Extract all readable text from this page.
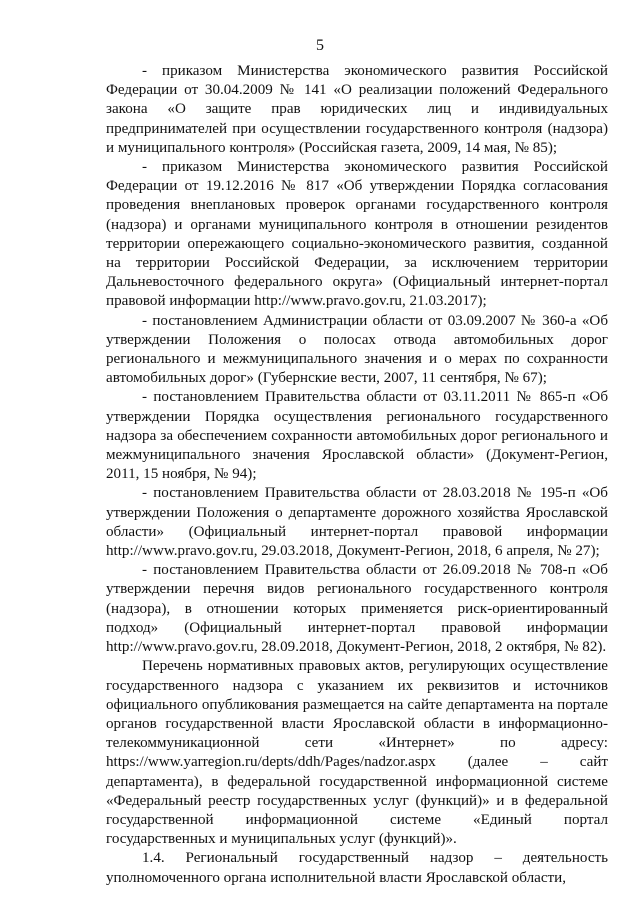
5

- приказом Министерства экономического развития Российской Федерации от 30.04.2009 № 141 «О реализации положений Федерального закона «О защите прав юридических лиц и индивидуальных предпринимателей при осуществлении государственного контроля (надзора) и муниципального контроля» (Российская газета, 2009, 14 мая, № 85);

- приказом Министерства экономического развития Российской Федерации от 19.12.2016 № 817 «Об утверждении Порядка согласования проведения внеплановых проверок органами государственного контроля (надзора) и органами муниципального контроля в отношении резидентов территории опережающего социально-экономического развития, созданной на территории Российской Федерации, за исключением территории Дальневосточного федерального округа» (Официальный интернет-портал правовой информации http://www.pravo.gov.ru, 21.03.2017);

- постановлением Администрации области от 03.09.2007 № 360-а «Об утверждении Положения о полосах отвода автомобильных дорог регионального и межмуниципального значения и о мерах по сохранности автомобильных дорог» (Губернские вести, 2007, 11 сентября, № 67);

- постановлением Правительства области от 03.11.2011 № 865-п «Об утверждении Порядка осуществления регионального государственного надзора за обеспечением сохранности автомобильных дорог регионального и межмуниципального значения Ярославской области» (Документ-Регион, 2011, 15 ноября, № 94);

- постановлением Правительства области от 28.03.2018 № 195-п «Об утверждении Положения о департаменте дорожного хозяйства Ярославской области» (Официальный интернет-портал правовой информации http://www.pravo.gov.ru, 29.03.2018, Документ-Регион, 2018, 6 апреля, № 27);

- постановлением Правительства области от 26.09.2018 № 708-п «Об утверждении перечня видов регионального государственного контроля (надзора), в отношении которых применяется риск-ориентированный подход» (Официальный интернет-портал правовой информации http://www.pravo.gov.ru, 28.09.2018, Документ-Регион, 2018, 2 октября, № 82).

Перечень нормативных правовых актов, регулирующих осуществление государственного надзора с указанием их реквизитов и источников официального опубликования размещается на сайте департамента на портале органов государственной власти Ярославской области в информационно-телекоммуникационной сети «Интернет» по адресу: https://www.yarregion.ru/depts/ddh/Pages/nadzor.aspx (далее – сайт департамента), в федеральной государственной информационной системе «Федеральный реестр государственных услуг (функций)» и в федеральной государственной информационной системе «Единый портал государственных и муниципальных услуг (функций)».

1.4. Региональный государственный надзор – деятельность уполномоченного органа исполнительной власти Ярославской области,
